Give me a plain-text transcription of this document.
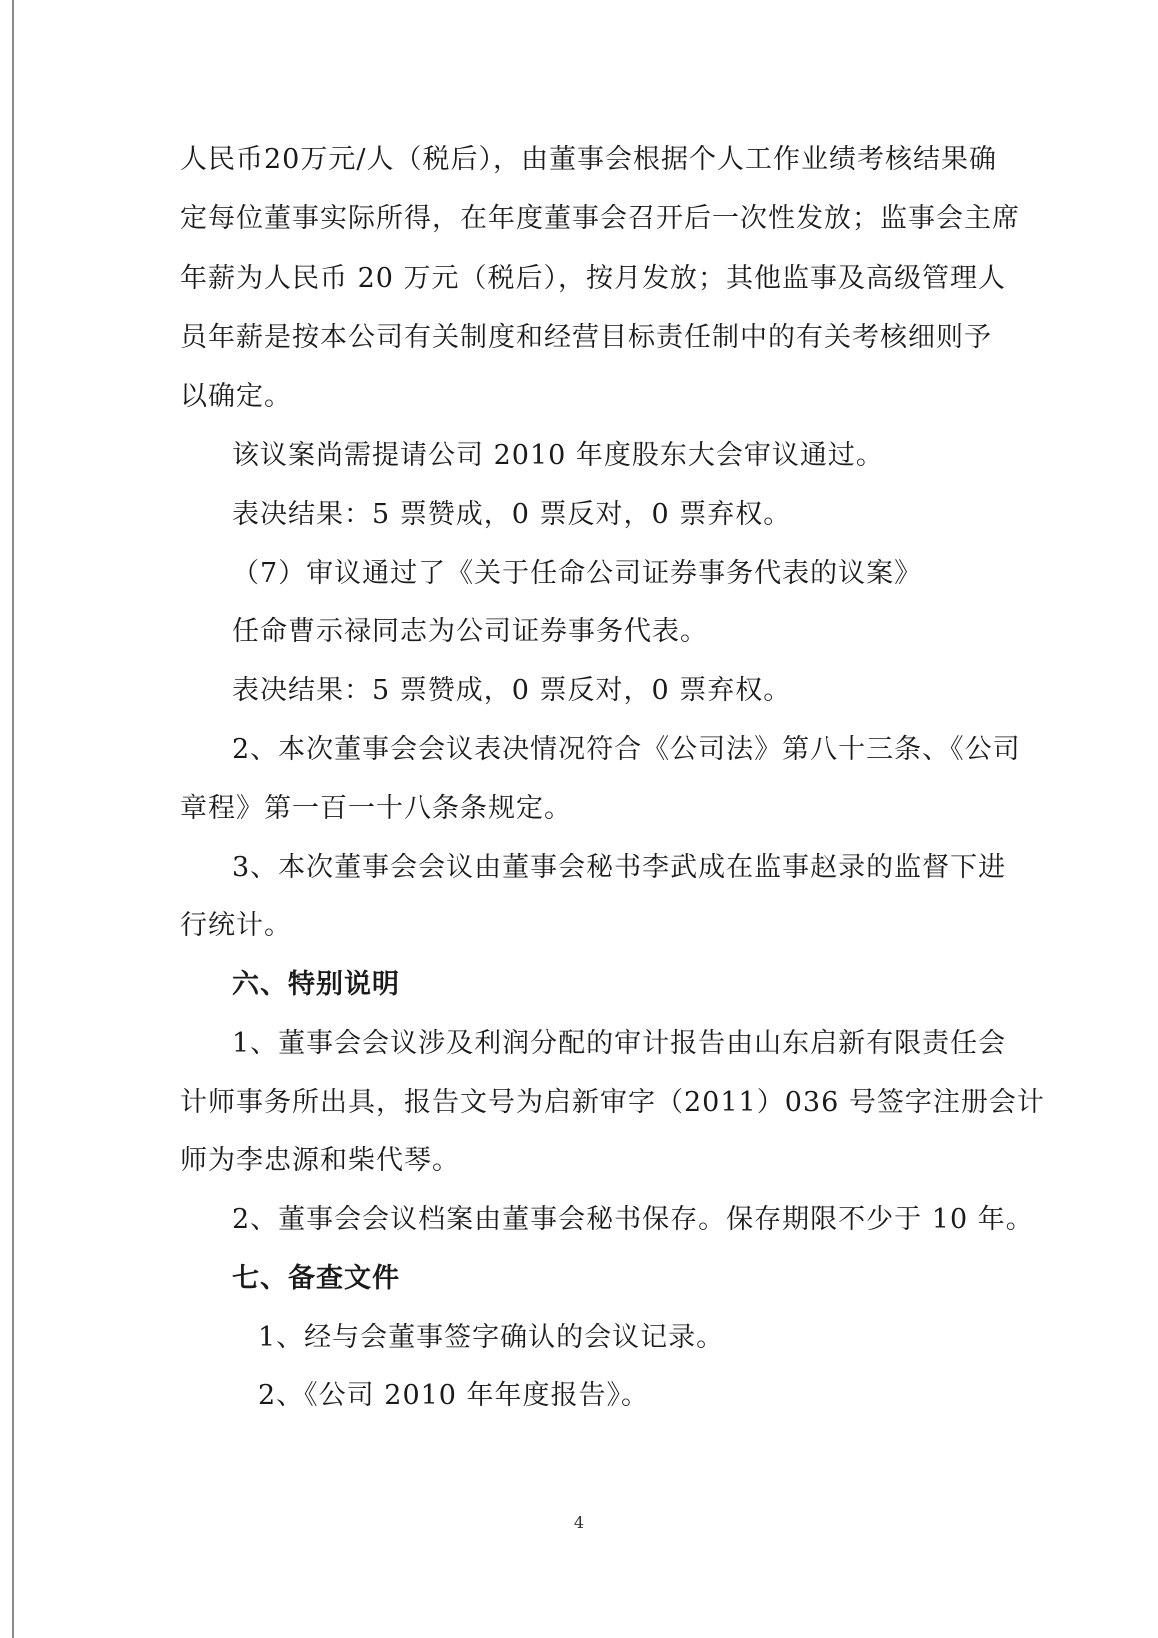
人民币20万元/人（税后），由董事会根据个人工作业绩考核结果确
定每位董事实际所得，在年度董事会召开后一次性发放；监事会主席
年薪为人民币 20 万元（税后），按月发放；其他监事及高级管理人
员年薪是按本公司有关制度和经营目标责任制中的有关考核细则予
以确定。
该议案尚需提请公司 2010 年度股东大会审议通过。
表决结果：5 票赞成，0 票反对，0 票弃权。
（7）审议通过了《关于任命公司证券事务代表的议案》
任命曹示禄同志为公司证券事务代表。
表决结果：5 票赞成，0 票反对，0 票弃权。
2、本次董事会会议表决情况符合《公司法》第八十三条、《公司
章程》第一百一十八条条规定。
3、本次董事会会议由董事会秘书李武成在监事赵录的监督下进
行统计。
六、特别说明
1、董事会会议涉及利润分配的审计报告由山东启新有限责任会
计师事务所出具，报告文号为启新审字（2011）036 号签字注册会计
师为李忠源和柴代琴。
2、董事会会议档案由董事会秘书保存。保存期限不少于 10 年。
七、备查文件
1、经与会董事签字确认的会议记录。
2、《公司 2010 年年度报告》。
4
